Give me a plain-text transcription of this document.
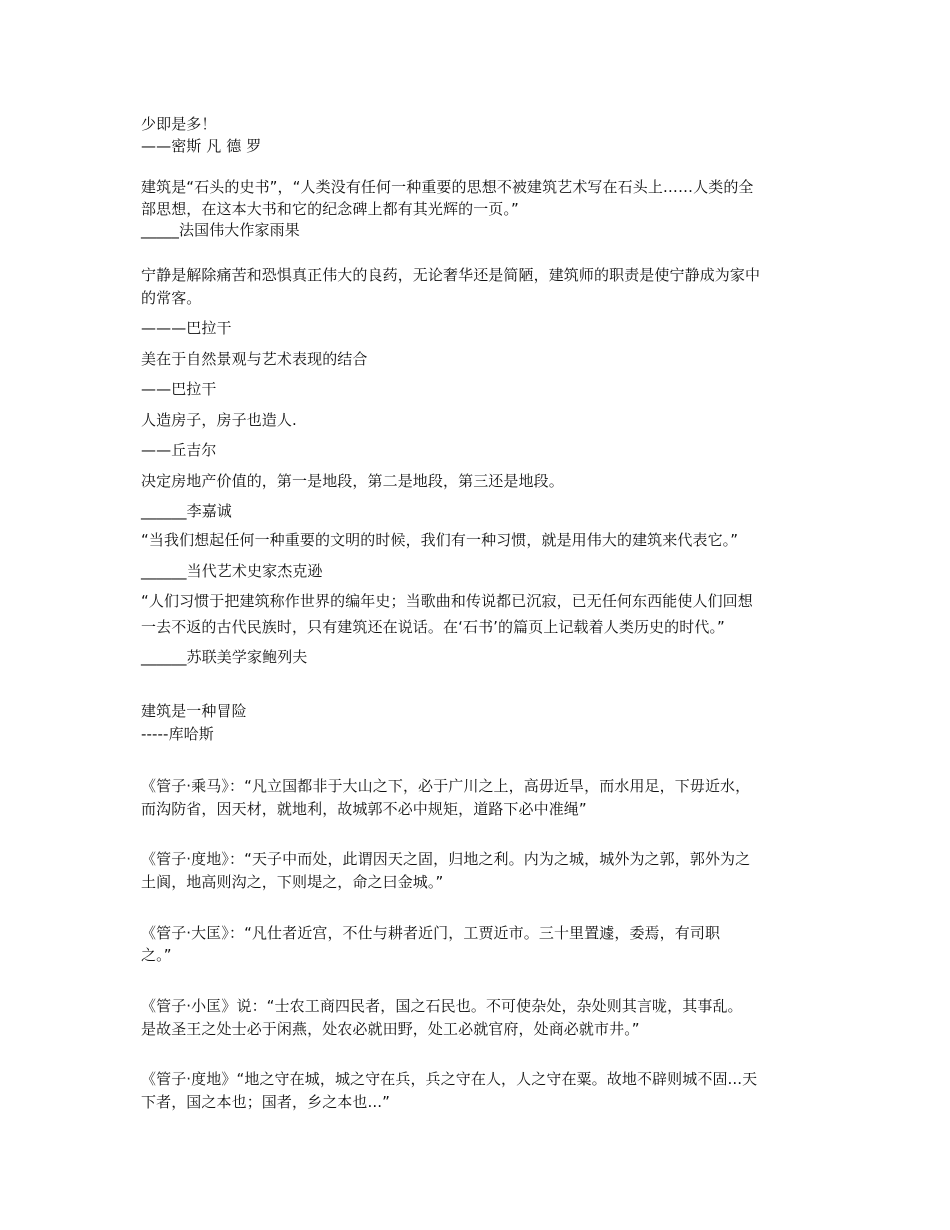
少即是多！
——密斯 凡 德 罗
建筑是“石头的史书”，“人类没有任何一种重要的思想不被建筑艺术写在石头上……人类的全
部思想，在这本大书和它的纪念碑上都有其光辉的一页。”
_____法国伟大作家雨果
宁静是解除痛苦和恐惧真正伟大的良药，无论奢华还是简陋，建筑师的职责是使宁静成为家中
的常客。
———巴拉干
美在于自然景观与艺术表现的结合
——巴拉干
人造房子，房子也造人.
——丘吉尔
决定房地产价值的，第一是地段，第二是地段，第三还是地段。
______李嘉诚
“当我们想起任何一种重要的文明的时候，我们有一种习惯，就是用伟大的建筑来代表它。”
______当代艺术史家杰克逊
“人们习惯于把建筑称作世界的编年史；当歌曲和传说都已沉寂，已无任何东西能使人们回想
一去不返的古代民族时，只有建筑还在说话。在‘石书’的篇页上记载着人类历史的时代。”
______苏联美学家鲍列夫
建筑是一种冒险
-----库哈斯
《管子·乘马》：“凡立国都非于大山之下，必于广川之上，高毋近旱，而水用足，下毋近水，
而沟防省，因天材，就地利，故城郭不必中规矩，道路下必中准绳”
《管子·度地》：“天子中而处，此谓因天之固，归地之利。内为之城，城外为之郭，郭外为之
土阆，地高则沟之，下则堤之，命之曰金城。”
《管子·大匡》：“凡仕者近宫，不仕与耕者近门，工贾近市。三十里置遽，委焉，有司职
之。”
《管子·小匡》说：“士农工商四民者，国之石民也。不可使杂处，杂处则其言咙，其事乱。
是故圣王之处士必于闲燕，处农必就田野，处工必就官府，处商必就市井。”
《管子·度地》“地之守在城，城之守在兵，兵之守在人，人之守在粟。故地不辟则城不固...天
下者，国之本也；国者，乡之本也...”
